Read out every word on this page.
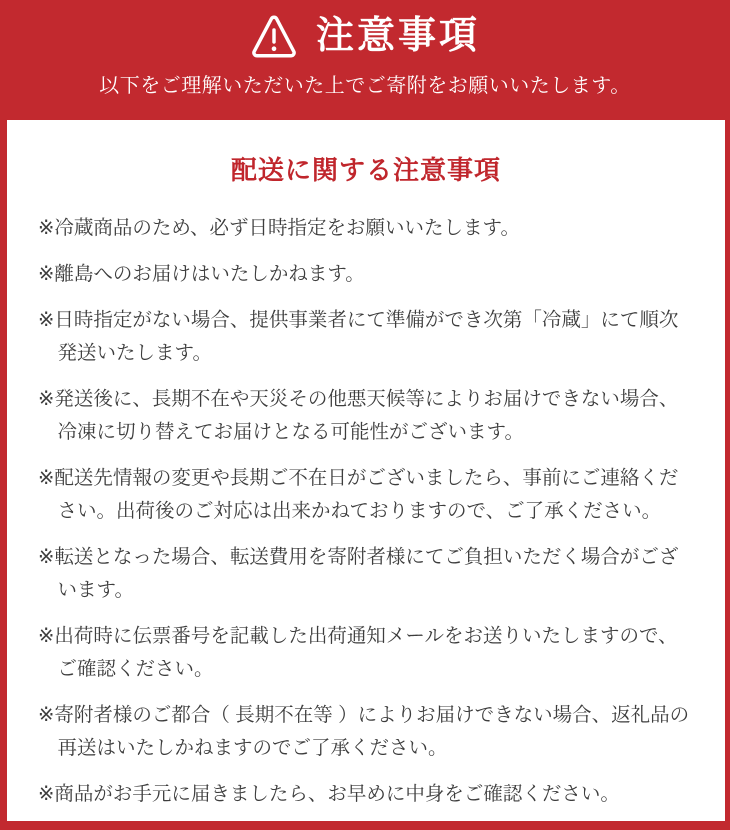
注意事項
以下をご理解いただいた上でご寄附をお願いいたします。
配送に関する注意事項

※冷蔵商品のため、必ず日時指定をお願いいたします。

※離島へのお届けはいたしかねます。

※日時指定がない場合、提供事業者にて準備ができ次第「冷蔵」にて順次発送いたします。

※発送後に、長期不在や天災その他悪天候等によりお届けできない場合、冷凍に切り替えてお届けとなる可能性がございます。

※配送先情報の変更や長期ご不在日がございましたら、事前にご連絡ください。出荷後のご対応は出来かねておりますので、ご了承ください。

※転送となった場合、転送費用を寄附者様にてご負担いただく場合がございます。

※出荷時に伝票番号を記載した出荷通知メールをお送りいたしますので、ご確認ください。

※寄附者様のご都合（ 長期不在等 ）によりお届けできない場合、返礼品の再送はいたしかねますのでご了承ください。

※商品がお手元に届きましたら、お早めに中身をご確認ください。
